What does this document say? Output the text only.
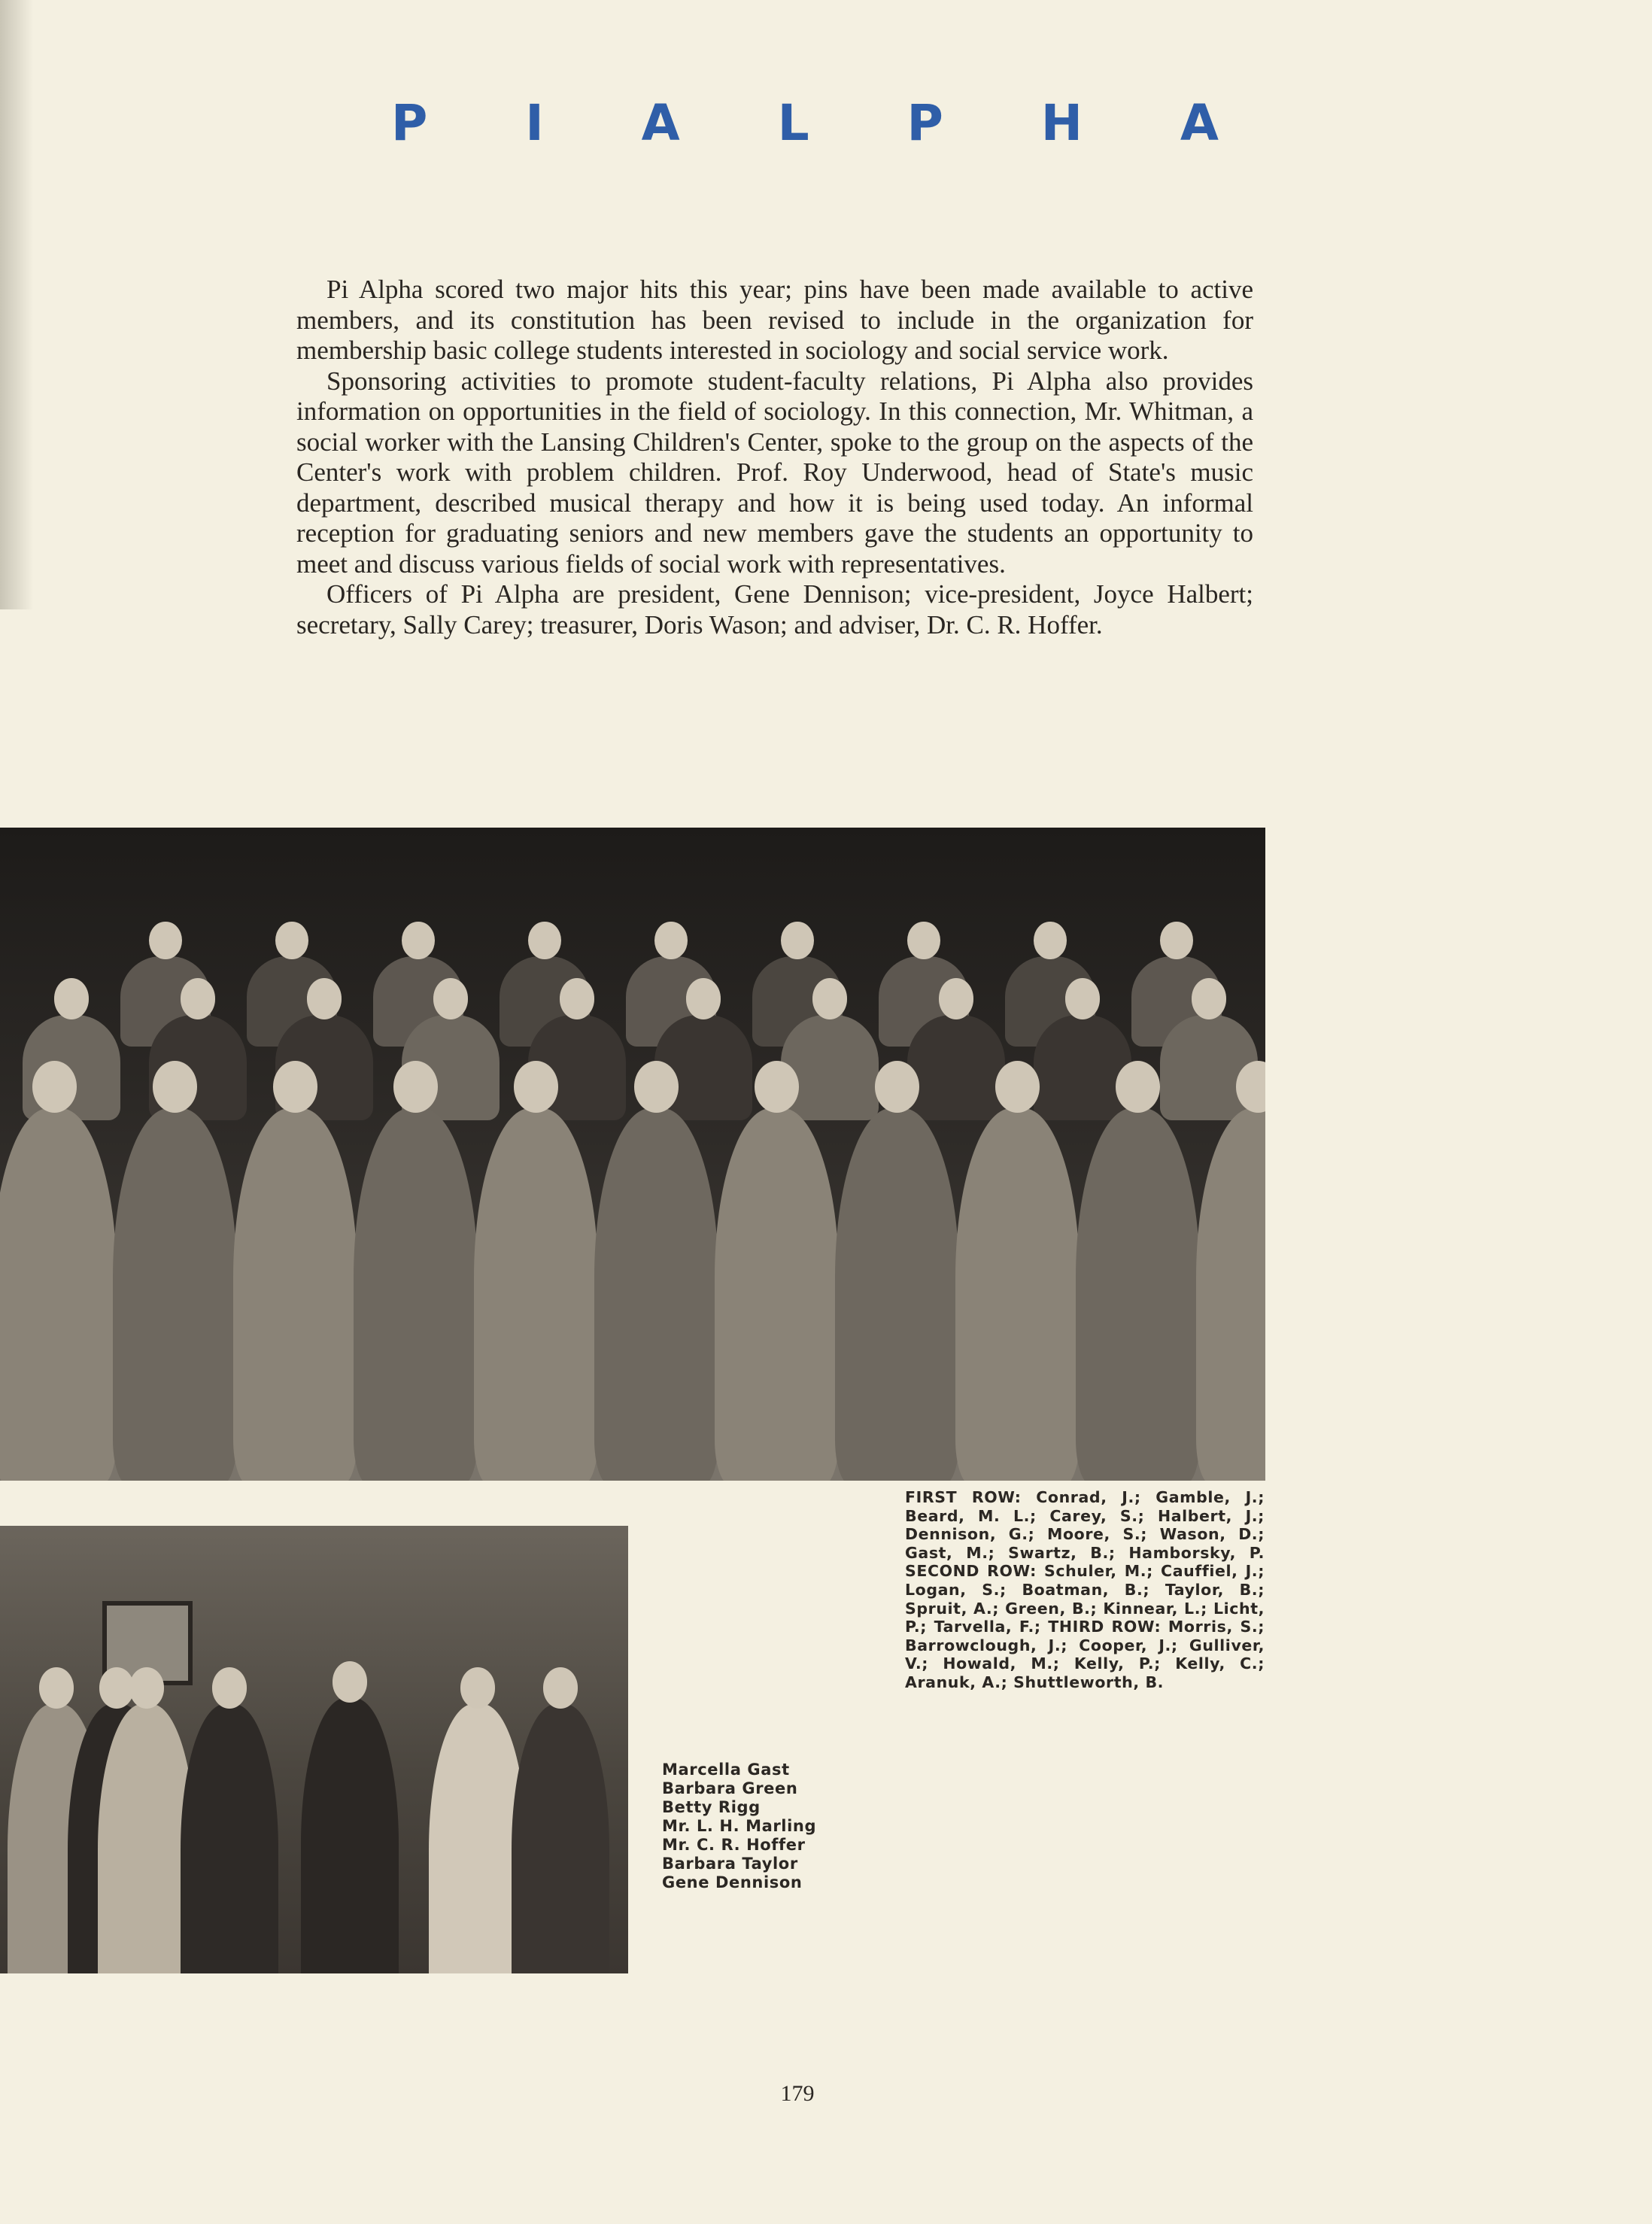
P I A L P H A

Pi Alpha scored two major hits this year; pins have been made available to active members, and its constitution has been revised to include in the organization for membership basic college students interested in sociology and social service work.

Sponsoring activities to promote student-faculty relations, Pi Alpha also provides information on opportunities in the field of sociology. In this connection, Mr. Whitman, a social worker with the Lansing Children's Center, spoke to the group on the aspects of the Center's work with problem children. Prof. Roy Underwood, head of State's music department, described musical therapy and how it is being used today. An informal reception for graduating seniors and new members gave the students an opportunity to meet and discuss various fields of social work with representatives.

Officers of Pi Alpha are president, Gene Dennison; vice-president, Joyce Halbert; secretary, Sally Carey; treasurer, Doris Wason; and adviser, Dr. C. R. Hoffer.

FIRST ROW: Conrad, J.; Gamble, J.; Beard, M. L.; Carey, S.; Halbert, J.; Dennison, G.; Moore, S.; Wason, D.; Gast, M.; Swartz, B.; Hamborsky, P. SECOND ROW: Schuler, M.; Cauffiel, J.; Logan, S.; Boatman, B.; Taylor, B.; Spruit, A.; Green, B.; Kinnear, L.; Licht, P.; Tarvella, F.; THIRD ROW: Morris, S.; Barrowclough, J.; Cooper, J.; Gulliver, V.; Howald, M.; Kelly, P.; Kelly, C.; Aranuk, A.; Shuttleworth, B.
Marcella Gast
Barbara Green
Betty Rigg
Mr. L. H. Marling
Mr. C. R. Hoffer
Barbara Taylor
Gene Dennison
179
